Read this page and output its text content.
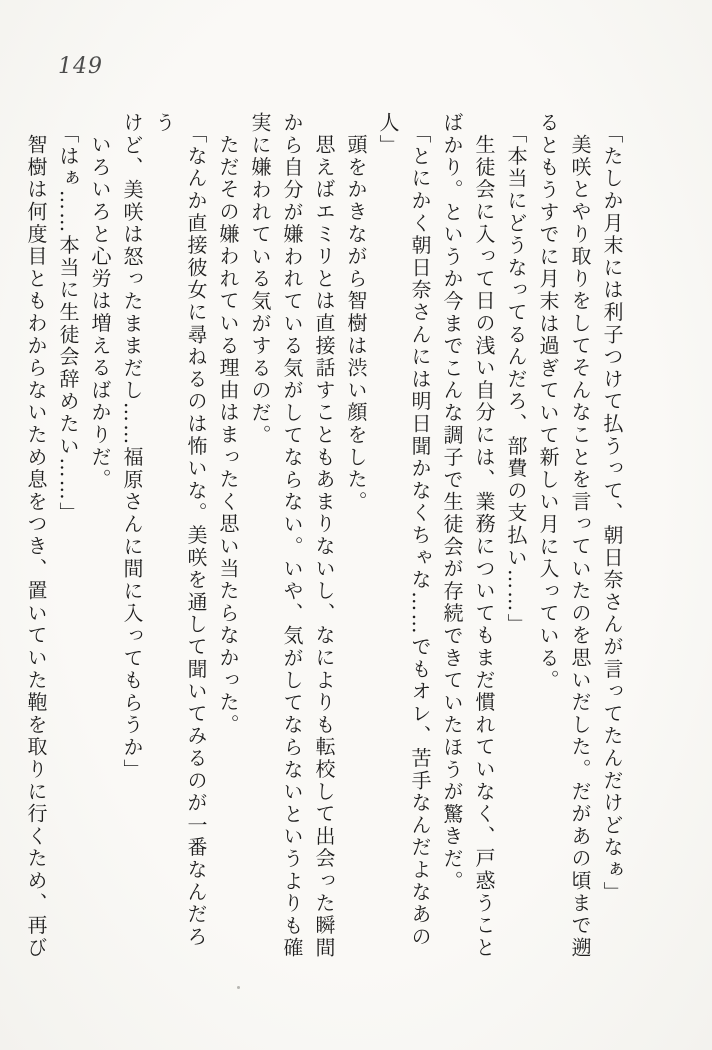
149

「たしか月末には利子つけて払うって、朝日奈さんが言ってたんだけどなぁ」

美咲とやり取りをしてそんなことを言っていたのを思いだした。だがあの頃まで遡

るともうすでに月末は過ぎていて新しい月に入っている。

「本当にどうなってるんだろ、部費の支払い……」

生徒会に入って日の浅い自分には、業務についてもまだ慣れていなく、戸惑うこと

ばかり。というか今までこんな調子で生徒会が存続できていたほうが驚きだ。

「とにかく朝日奈さんには明日聞かなくちゃな……でもオレ、苦手なんだよなあの人」

頭をかきながら智樹は渋い顔をした。

思えばエミリとは直接話すこともあまりないし、なによりも転校して出会った瞬間

から自分が嫌われている気がしてならない。いや、気がしてならないというよりも確

実に嫌われている気がするのだ。

ただその嫌われている理由はまったく思い当たらなかった。

「なんか直接彼女に尋ねるのは怖いな。美咲を通して聞いてみるのが一番なんだろう

けど、美咲は怒ったままだし……福原さんに間に入ってもらうか」

いろいろと心労は増えるばかりだ。

「はぁ……本当に生徒会辞めたい……」

智樹は何度目ともわからないため息をつき、置いていた鞄を取りに行くため、再び
